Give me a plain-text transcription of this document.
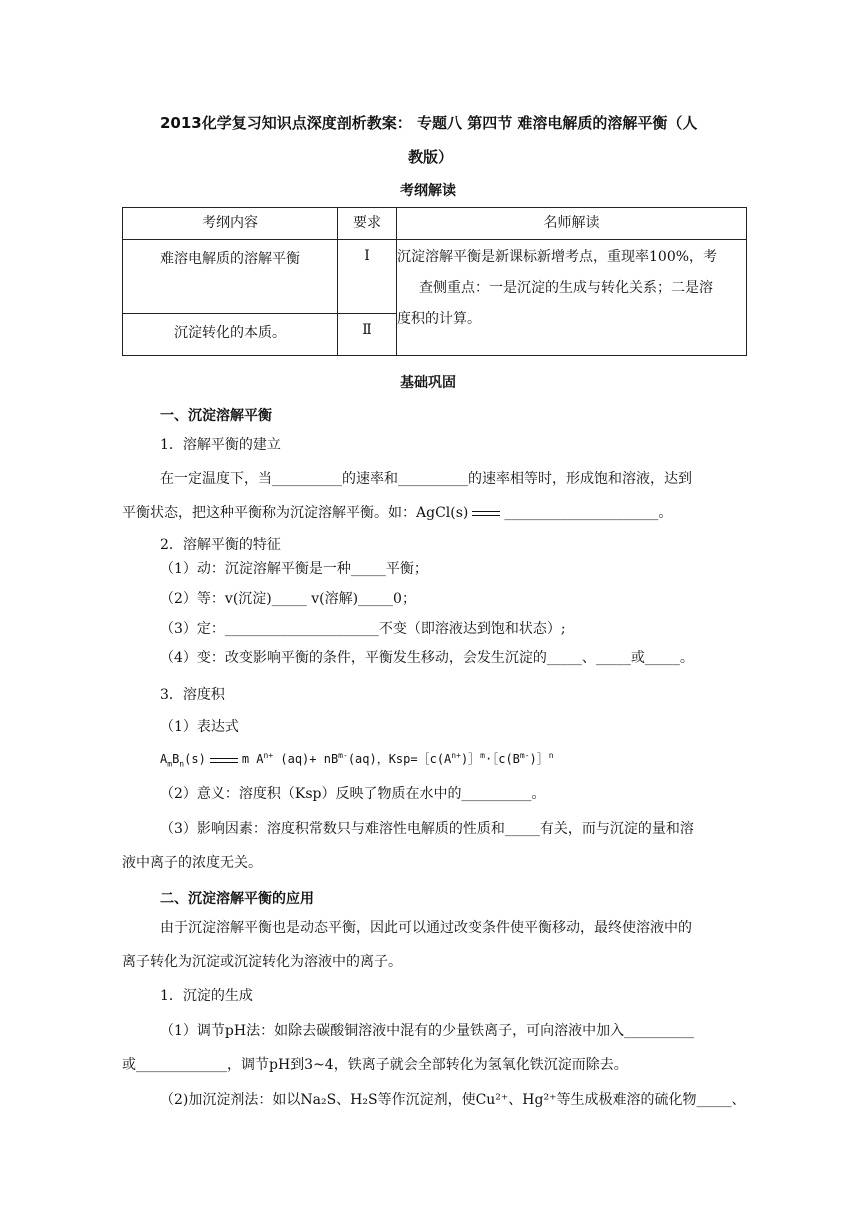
2013化学复习知识点深度剖析教案： 专题八 第四节 难溶电解质的溶解平衡（人
教版）
考纲解读
考纲内容	要求	名师解读
难溶电解质的溶解平衡	Ⅰ	沉淀溶解平衡是新课标新增考点，重现率100%，考
查侧重点：一是沉淀的生成与转化关系；二是溶
度积的计算。

沉淀转化的本质。	Ⅱ	
基础巩固
一、沉淀溶解平衡
1．溶解平衡的建立
在一定温度下，当__________的速率和__________的速率相等时，形成饱和溶液，达到
平衡状态，把这种平衡称为沉淀溶解平衡。如：AgCl(s)	______________________。
2．溶解平衡的特征
（1）动：沉淀溶解平衡是一种_____平衡；
（2）等：v(沉淀)_____ v(溶解)_____0；
（3）定：______________________不变（即溶液达到饱和状态）;
（4）变：改变影响平衡的条件，平衡发生移动，会发生沉淀的_____、_____或_____。
3．溶度积
（1）表达式
$A_mB_n(s)$	m $A^{n+}$ $(aq)+ nB^{m-}(aq)$，$Ksp=[c(A^{n+})]^m\cdot[c(B^{m-})]^n$
（2）意义：溶度积（Ksp）反映了物质在水中的__________。
（3）影响因素：溶度积常数只与难溶性电解质的性质和_____有关，而与沉淀的量和溶
液中离子的浓度无关。
二、沉淀溶解平衡的应用
由于沉淀溶解平衡也是动态平衡，因此可以通过改变条件使平衡移动，最终使溶液中的
离子转化为沉淀或沉淀转化为溶液中的离子。
1．沉淀的生成
（1）调节pH法：如除去碳酸铜溶液中混有的少量铁离子，可向溶液中加入__________
或_____________，调节pH到3~4，铁离子就会全部转化为氢氧化铁沉淀而除去。
（2)加沉淀剂法：如以Na₂S、H₂S等作沉淀剂，使Cu²⁺、Hg²⁺等生成极难溶的硫化物_____、
